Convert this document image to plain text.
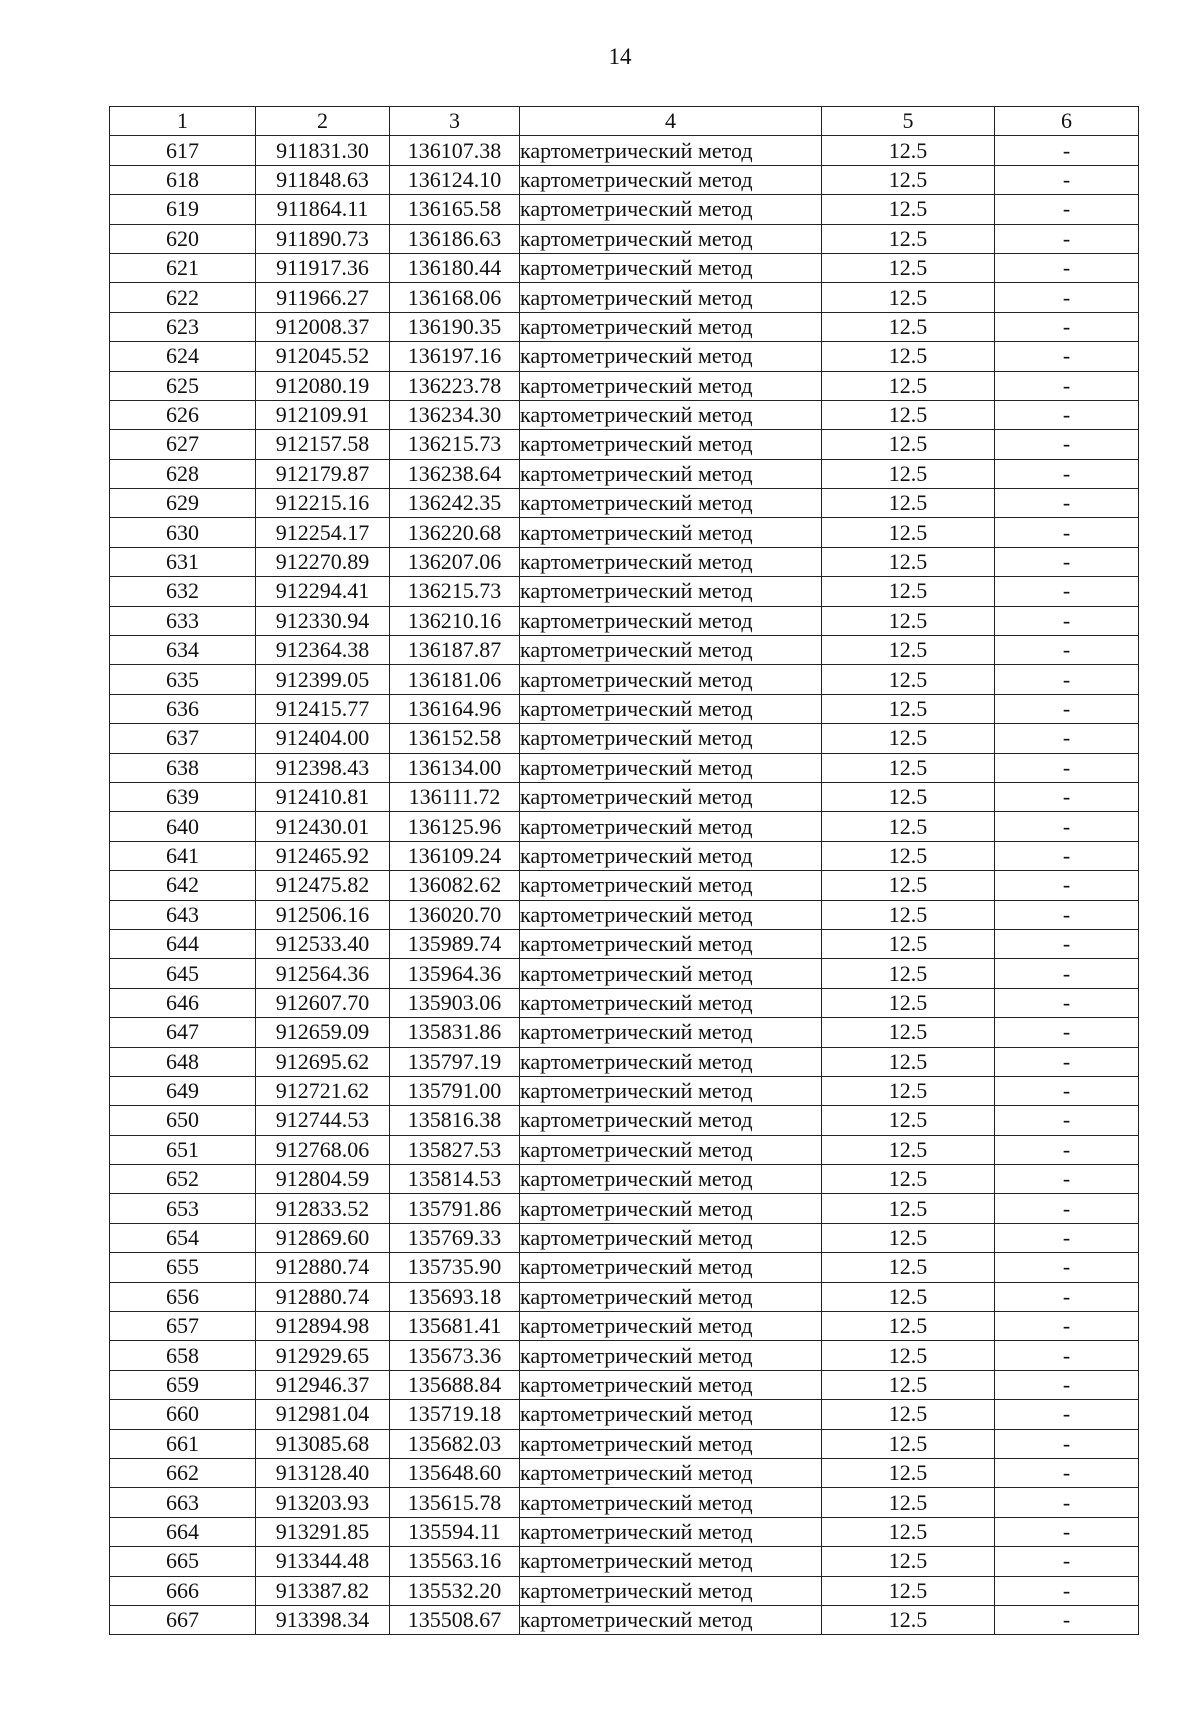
14
1	2	3	4	5	6
617	911831.30	136107.38	картометрический метод	12.5	-
618	911848.63	136124.10	картометрический метод	12.5	-
619	911864.11	136165.58	картометрический метод	12.5	-
620	911890.73	136186.63	картометрический метод	12.5	-
621	911917.36	136180.44	картометрический метод	12.5	-
622	911966.27	136168.06	картометрический метод	12.5	-
623	912008.37	136190.35	картометрический метод	12.5	-
624	912045.52	136197.16	картометрический метод	12.5	-
625	912080.19	136223.78	картометрический метод	12.5	-
626	912109.91	136234.30	картометрический метод	12.5	-
627	912157.58	136215.73	картометрический метод	12.5	-
628	912179.87	136238.64	картометрический метод	12.5	-
629	912215.16	136242.35	картометрический метод	12.5	-
630	912254.17	136220.68	картометрический метод	12.5	-
631	912270.89	136207.06	картометрический метод	12.5	-
632	912294.41	136215.73	картометрический метод	12.5	-
633	912330.94	136210.16	картометрический метод	12.5	-
634	912364.38	136187.87	картометрический метод	12.5	-
635	912399.05	136181.06	картометрический метод	12.5	-
636	912415.77	136164.96	картометрический метод	12.5	-
637	912404.00	136152.58	картометрический метод	12.5	-
638	912398.43	136134.00	картометрический метод	12.5	-
639	912410.81	136111.72	картометрический метод	12.5	-
640	912430.01	136125.96	картометрический метод	12.5	-
641	912465.92	136109.24	картометрический метод	12.5	-
642	912475.82	136082.62	картометрический метод	12.5	-
643	912506.16	136020.70	картометрический метод	12.5	-
644	912533.40	135989.74	картометрический метод	12.5	-
645	912564.36	135964.36	картометрический метод	12.5	-
646	912607.70	135903.06	картометрический метод	12.5	-
647	912659.09	135831.86	картометрический метод	12.5	-
648	912695.62	135797.19	картометрический метод	12.5	-
649	912721.62	135791.00	картометрический метод	12.5	-
650	912744.53	135816.38	картометрический метод	12.5	-
651	912768.06	135827.53	картометрический метод	12.5	-
652	912804.59	135814.53	картометрический метод	12.5	-
653	912833.52	135791.86	картометрический метод	12.5	-
654	912869.60	135769.33	картометрический метод	12.5	-
655	912880.74	135735.90	картометрический метод	12.5	-
656	912880.74	135693.18	картометрический метод	12.5	-
657	912894.98	135681.41	картометрический метод	12.5	-
658	912929.65	135673.36	картометрический метод	12.5	-
659	912946.37	135688.84	картометрический метод	12.5	-
660	912981.04	135719.18	картометрический метод	12.5	-
661	913085.68	135682.03	картометрический метод	12.5	-
662	913128.40	135648.60	картометрический метод	12.5	-
663	913203.93	135615.78	картометрический метод	12.5	-
664	913291.85	135594.11	картометрический метод	12.5	-
665	913344.48	135563.16	картометрический метод	12.5	-
666	913387.82	135532.20	картометрический метод	12.5	-
667	913398.34	135508.67	картометрический метод	12.5	-
